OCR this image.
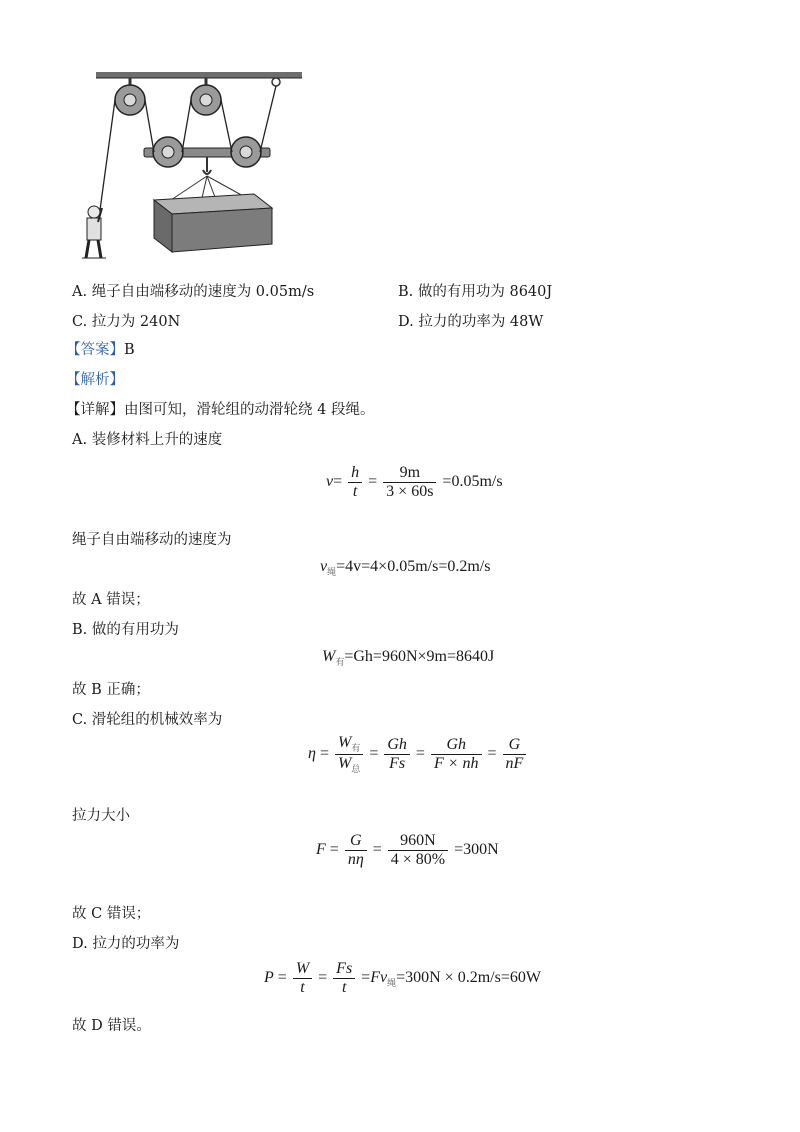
A. 绳子自由端移动的速度为 0.05m/s	B. 做的有用功为 8640J
C. 拉力为 240N	D. 拉力的功率为 48W
【答案】B
【解析】
【详解】由图可知，滑轮组的动滑轮绕 4 段绳。
A. 装修材料上升的速度
$v= \frac{h}{t} = \frac{9m}{3 \times 60s} =0.05m/s$
绳子自由端移动的速度为
$v_绳=4v=4\times 0.05m/s=0.2m/s$
故 A 错误；
B. 做的有用功为
$W_有=Gh=960N\times 9m=8640J$
故 B 正确；
C. 滑轮组的机械效率为
$\eta = \frac{W_有}{W_总} = \frac{Gh}{Fs} = \frac{Gh}{F \times nh} = \frac{G}{nF}$
拉力大小
$F = \frac{G}{n\eta} = \frac{960N}{4 \times 80\%} =300N$
故 C 错误；
D. 拉力的功率为
$P = \frac{W}{t} = \frac{Fs}{t} =Fv_绳=300N \times 0.2m/s=60W$
故 D 错误。
